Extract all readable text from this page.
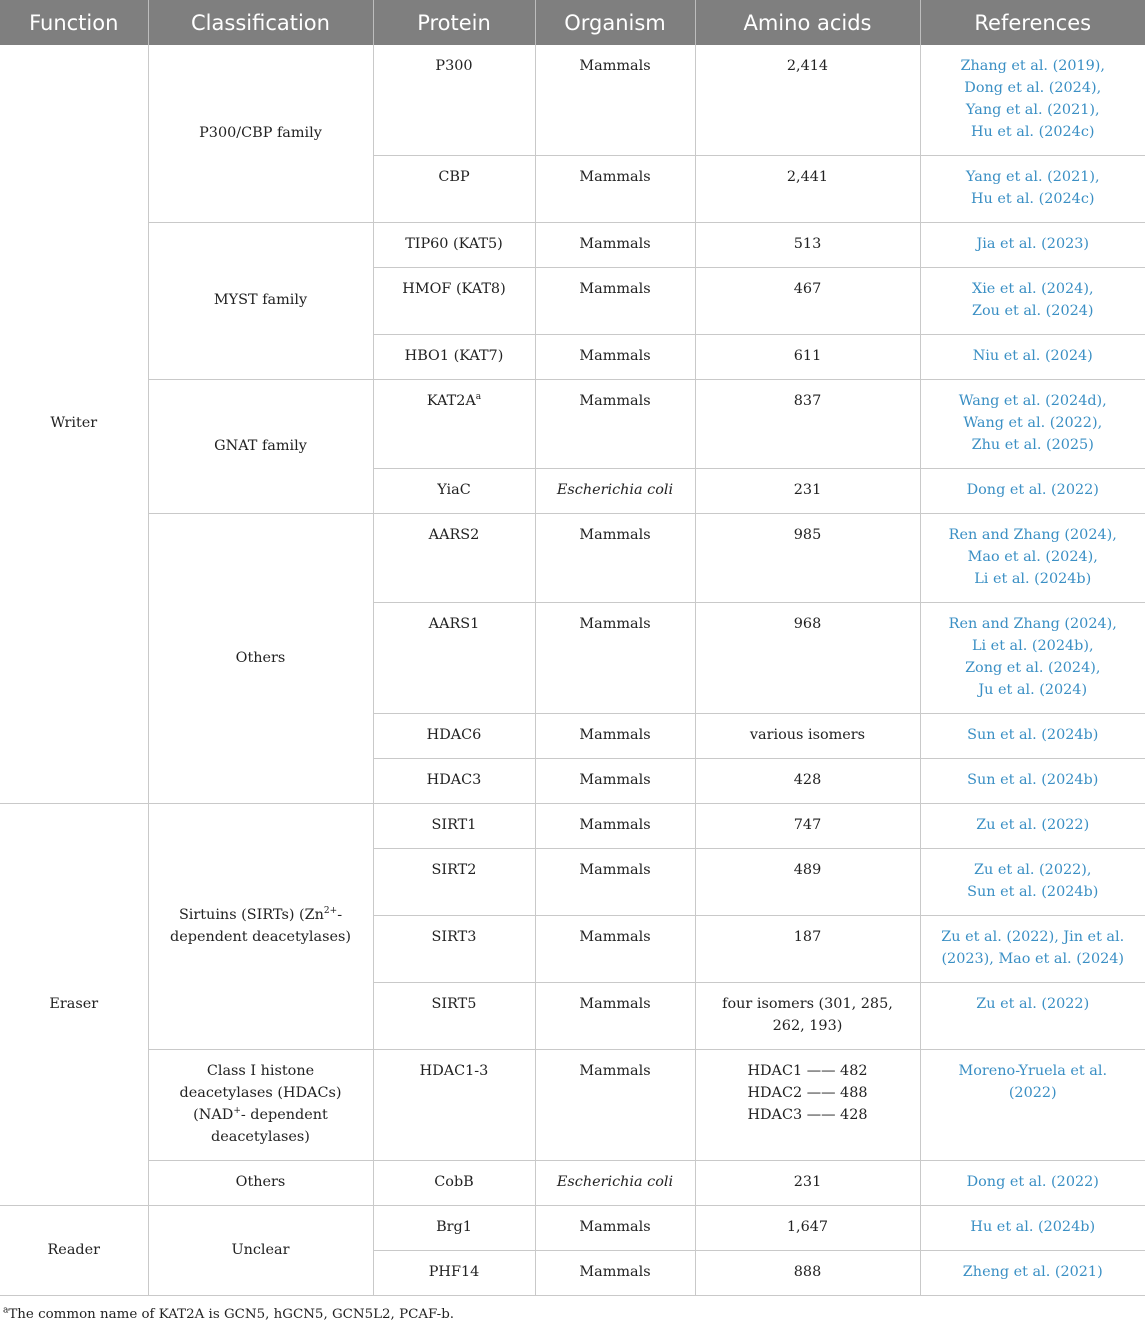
Function	Classification	Protein	Organism	Amino acids	References
Writer	P300/CBP family	P300	Mammals	2,414	Zhang et al. (2019),
Dong et al. (2024),
Yang et al. (2021),
Hu et al. (2024c)

		CBP	Mammals	2,441	Yang et al. (2021),
Hu et al. (2024c)

	MYST family	TIP60 (KAT5)	Mammals	513	Jia et al. (2023)

		HMOF (KAT8)	Mammals	467	Xie et al. (2024),
Zou et al. (2024)

		HBO1 (KAT7)	Mammals	611	Niu et al. (2024)

	GNAT family	$KAT2A^a$	Mammals	837	Wang et al. (2024d),
Wang et al. (2022),
Zhu et al. (2025)

		YiaC	Escherichia coli	231	Dong et al. (2022)

	Others	AARS2	Mammals	985	Ren and Zhang (2024),
Mao et al. (2024),
Li et al. (2024b)

		AARS1	Mammals	968	Ren and Zhang (2024),
Li et al. (2024b),
Zong et al. (2024),
Ju et al. (2024)

		HDAC6	Mammals	various isomers	Sun et al. (2024b)

		HDAC3	Mammals	428	Sun et al. (2024b)

Eraser	Sirtuins (SIRTs) ($Zn^{2+}-$
dependent deacetylases)	SIRT1	Mammals	747	Zu et al. (2022)

		SIRT2	Mammals	489	Zu et al. (2022),
Sun et al. (2024b)

		SIRT3	Mammals	187	Zu et al. (2022), Jin et al.
(2023), Mao et al. (2024)

		SIRT5	Mammals	four isomers (301, 285,
262, 193)	Zu et al. (2022)

	Class I histone
deacetylases (HDACs)
(NAD+- dependent
deacetylases)	HDAC1-3	Mammals	HDAC1 —— 482
HDAC2 —— 488
HDAC3 —— 428	Moreno-Yruela et al.
(2022)

	Others	CobB	Escherichia coli	231	Dong et al. (2022)

Reader	Unclear	Brg1	Mammals	1,647	Hu et al. (2024b)

		PHF14	Mammals	888	Zheng et al. (2021)
$^a$The common name of KAT2A is GCN5, hGCN5, GCN5L2, PCAF-b.
